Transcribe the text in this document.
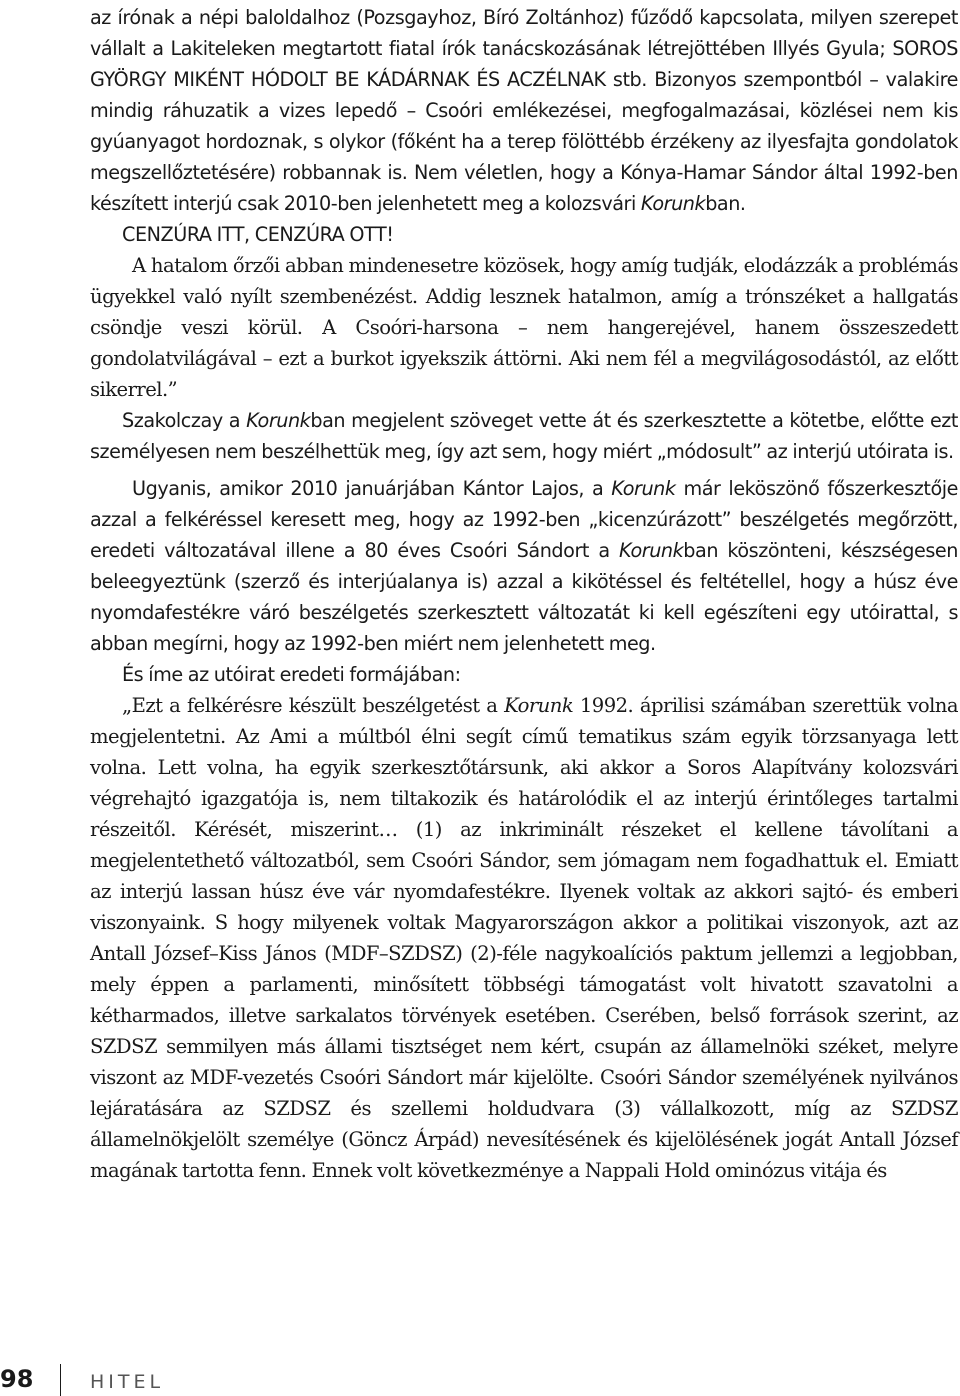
az írónak a népi baloldalhoz (Pozsgayhoz, Bíró Zoltánhoz) fűződő kapcsolata, milyen szerepet vállalt a Lakiteleken megtartott fiatal írók tanácskozásának létrejöttében Illyés Gyula; SOROS GYÖRGY MIKÉNT HÓDOLT BE KÁDÁRNAK ÉS ACZÉLNAK stb. Bizonyos szempontból – valakire mindig ráhuzatik a vizes lepedő – Csoóri emlékezései, megfogalmazásai, közlései nem kis gyúanyagot hordoznak, s olykor (főként ha a terep fölöttébb érzékeny az ilyesfajta gondolatok megszellőztetésére) robbannak is. Nem véletlen, hogy a Kónya-Hamar Sándor által 1992-ben készített interjú csak 2010-ben jelenhetett meg a kolozsvári Korunkban.

CENZÚRA ITT, CENZÚRA OTT!

A hatalom őrzői abban mindenesetre közösek, hogy amíg tudják, elodázzák a problémás ügyekkel való nyílt szembenézést. Addig lesznek hatalmon, amíg a trónszéket a hallgatás csöndje veszi körül. A Csoóri-harsona – nem hangerejével, hanem összeszedett gondolatvilágával – ezt a burkot igyekszik áttörni. Aki nem fél a megvilágosodástól, az előtt sikerrel.”

Szakolczay a Korunkban megjelent szöveget vette át és szerkesztette a kötetbe, előtte ezt személyesen nem beszélhettük meg, így azt sem, hogy miért „módosult” az interjú utóirata is.

Ugyanis, amikor 2010 januárjában Kántor Lajos, a Korunk már leköszönő főszerkesztője azzal a felkéréssel keresett meg, hogy az 1992-ben „kicenzúrázott” beszélgetés megőrzött, eredeti változatával illene a 80 éves Csoóri Sándort a Korunkban köszönteni, készségesen beleegyeztünk (szerző és interjúalanya is) azzal a kikötéssel és feltétellel, hogy a húsz éve nyomdafestékre váró beszélgetés szerkesztett változatát ki kell egészíteni egy utóirattal, s abban megírni, hogy az 1992-ben miért nem jelenhetett meg.

És íme az utóirat eredeti formájában:

„Ezt a felkérésre készült beszélgetést a Korunk 1992. áprilisi számában szerettük volna megjelentetni. Az Ami a múltból élni segít című tematikus szám egyik törzsanyaga lett volna. Lett volna, ha egyik szerkesztőtársunk, aki akkor a Soros Alapítvány kolozsvári végrehajtó igazgatója is, nem tiltakozik és határolódik el az interjú érintőleges tartalmi részeitől. Kérését, miszerint… (1) az inkriminált részeket el kellene távolítani a megjelentethető változatból, sem Csoóri Sándor, sem jómagam nem fogadhattuk el. Emiatt az interjú lassan húsz éve vár nyomdafestékre. Ilyenek voltak az akkori sajtó- és emberi viszonyaink. S hogy milyenek voltak Magyarországon akkor a politikai viszonyok, azt az Antall József–Kiss János (MDF–SZDSZ) (2)-féle nagykoalíciós paktum jellemzi a legjobban, mely éppen a parlamenti, minősített többségi támogatást volt hivatott szavatolni a kétharmados, illetve sarkalatos törvények esetében. Cserében, belső források szerint, az SZDSZ semmilyen más állami tisztséget nem kért, csupán az államelnöki széket, melyre viszont az MDF-vezetés Csoóri Sándort már kijelölte. Csoóri Sándor személyének nyilvános lejáratására az SZDSZ és szellemi holdudvara (3) vállalkozott, míg az SZDSZ államelnökjelölt személye (Göncz Árpád) nevesítésének és kijelölésének jogát Antall József magának tartotta fenn. Ennek volt következménye a Nappali Hold ominózus vitája és

98	HITEL
